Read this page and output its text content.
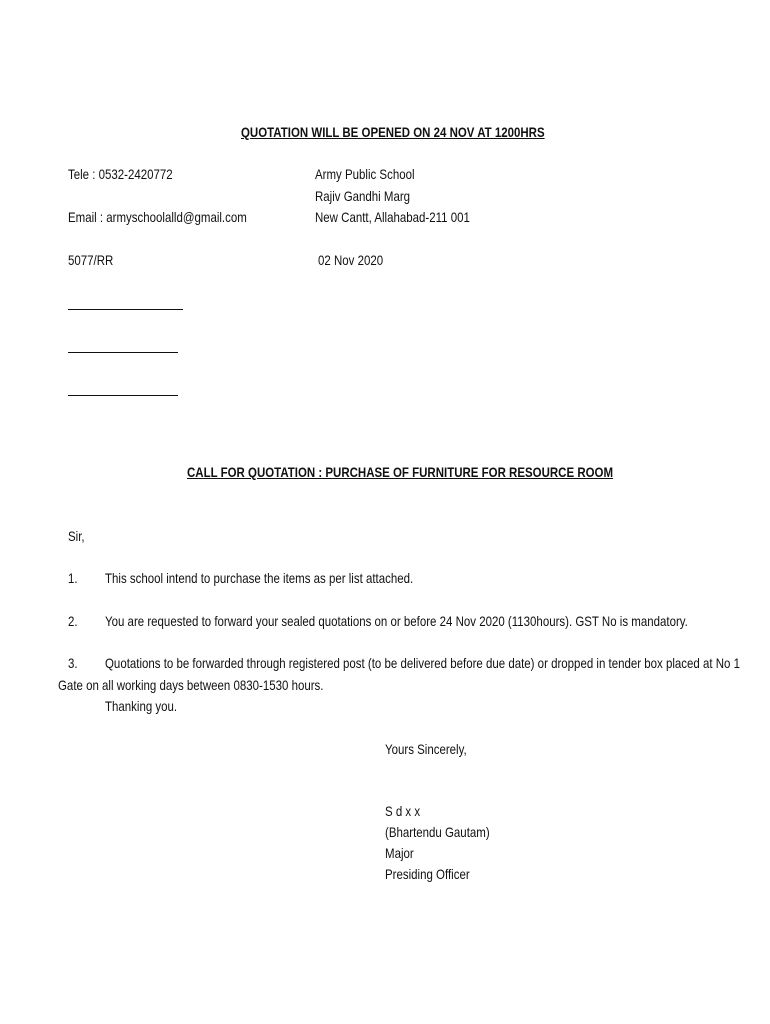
QUOTATION WILL BE OPENED ON 24 NOV AT 1200HRS
Tele : 0532-2420772
Email : armyschoolalld@gmail.com
5077/RR
Army Public School
Rajiv Gandhi Marg
New Cantt, Allahabad-211 001
02 Nov 2020
CALL FOR QUOTATION : PURCHASE OF FURNITURE FOR RESOURCE ROOM
Sir,
1. This school intend to purchase the items as per list attached.
2. You are requested to forward your sealed quotations on or before 24 Nov 2020 (1130hours). GST No is mandatory.
3. Quotations to be forwarded through registered post (to be delivered before due date) or dropped in tender box placed at No 1
Gate on all working days between 0830-1530 hours.
Thanking you.
Yours Sincerely,
S d x x
(Bhartendu Gautam)
Major
Presiding Officer
